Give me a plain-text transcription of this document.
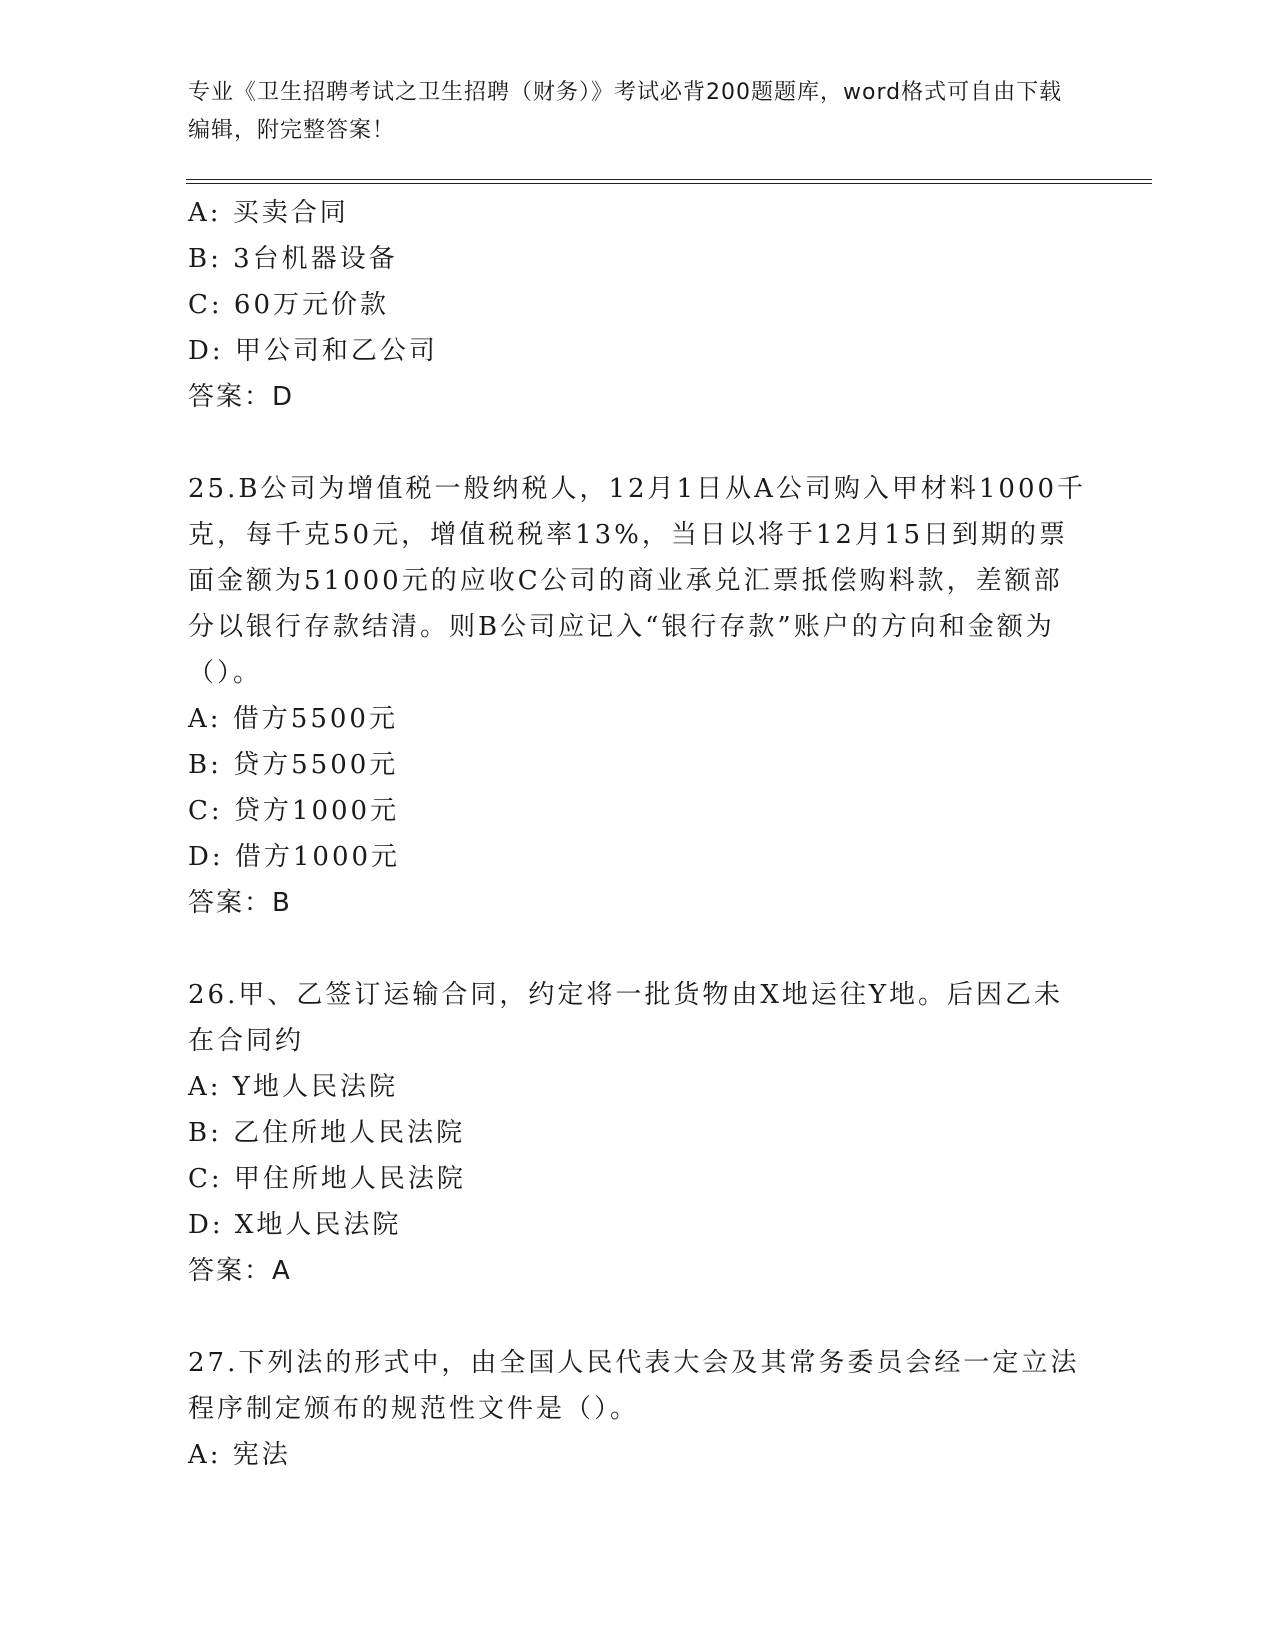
专业《卫生招聘考试之卫生招聘（财务）》考试必背200题题库，word格式可自由下载编辑，附完整答案！
A: 买卖合同
B: 3台机器设备
C: 60万元价款
D: 甲公司和乙公司
答案：D
25.B公司为增值税一般纳税人，12月1日从A公司购入甲材料1000千克，每千克50元，增值税税率13%，当日以将于12月15日到期的票面金额为51000元的应收C公司的商业承兑汇票抵偿购料款，差额部分以银行存款结清。则B公司应记入“银行存款”账户的方向和金额为（）。
A: 借方5500元
B: 贷方5500元
C: 贷方1000元
D: 借方1000元
答案：B
26.甲、乙签订运输合同，约定将一批货物由X地运往Y地。后因乙未在合同约
A: Y地人民法院
B: 乙住所地人民法院
C: 甲住所地人民法院
D: X地人民法院
答案：A
27.下列法的形式中，由全国人民代表大会及其常务委员会经一定立法程序制定颁布的规范性文件是（）。
A: 宪法
